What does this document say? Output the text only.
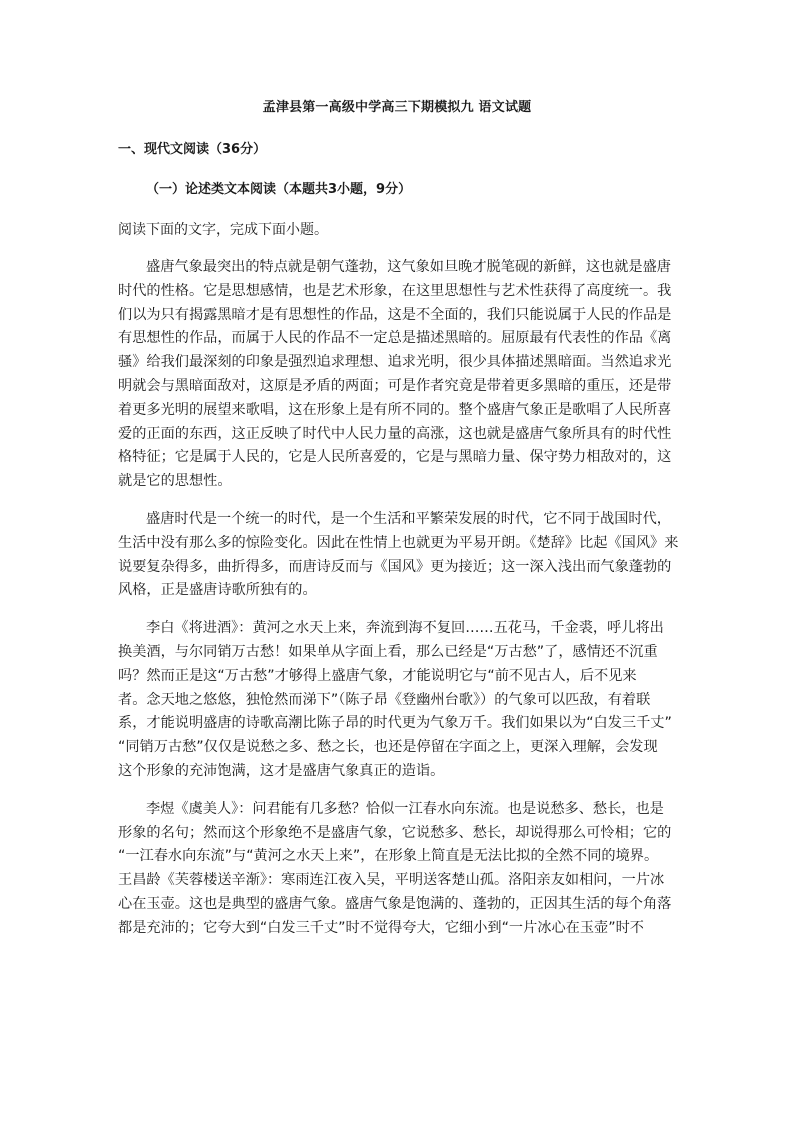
孟津县第一高级中学高三下期模拟九 语文试题
一、现代文阅读（36分）
（一）论述类文本阅读（本题共3小题，9分）

阅读下面的文字，完成下面小题。

盛唐气象最突出的特点就是朝气蓬勃，这气象如旦晚才脱笔砚的新鲜，这也就是盛唐
时代的性格。它是思想感情，也是艺术形象，在这里思想性与艺术性获得了高度统一。我
们以为只有揭露黑暗才是有思想性的作品，这是不全面的，我们只能说属于人民的作品是
有思想性的作品，而属于人民的作品不一定总是描述黑暗的。屈原最有代表性的作品《离
骚》给我们最深刻的印象是强烈追求理想、追求光明，很少具体描述黑暗面。当然追求光
明就会与黑暗面敌对，这原是矛盾的两面；可是作者究竟是带着更多黑暗的重压，还是带
着更多光明的展望来歌唱，这在形象上是有所不同的。整个盛唐气象正是歌唱了人民所喜
爱的正面的东西，这正反映了时代中人民力量的高涨，这也就是盛唐气象所具有的时代性
格特征；它是属于人民的，它是人民所喜爱的，它是与黑暗力量、保守势力相敌对的，这
就是它的思想性。
盛唐时代是一个统一的时代，是一个生活和平繁荣发展的时代，它不同于战国时代，
生活中没有那么多的惊险变化。因此在性情上也就更为平易开朗。《楚辞》比起《国风》来
说要复杂得多，曲折得多，而唐诗反而与《国风》更为接近；这一深入浅出而气象蓬勃的
风格，正是盛唐诗歌所独有的。
李白《将进酒》：黄河之水天上来，奔流到海不复回……五花马，千金裘，呼儿将出
换美酒，与尔同销万古愁！如果单从字面上看，那么已经是“万古愁”了，感情还不沉重
吗？然而正是这“万古愁”才够得上盛唐气象，才能说明它与“前不见古人，后不见来
者。念天地之悠悠，独怆然而涕下”（陈子昂《登幽州台歌》）的气象可以匹敌，有着联
系，才能说明盛唐的诗歌高潮比陈子昂的时代更为气象万千。我们如果以为“白发三千丈”
“同销万古愁”仅仅是说愁之多、愁之长，也还是停留在字面之上，更深入理解，会发现
这个形象的充沛饱满，这才是盛唐气象真正的造诣。
李煜《虞美人》：问君能有几多愁？恰似一江春水向东流。也是说愁多、愁长，也是
形象的名句；然而这个形象绝不是盛唐气象，它说愁多、愁长，却说得那么可怜相；它的
“一江春水向东流”与“黄河之水天上来”，在形象上简直是无法比拟的全然不同的境界。
王昌龄《芙蓉楼送辛渐》：寒雨连江夜入吴，平明送客楚山孤。洛阳亲友如相问，一片冰
心在玉壶。这也是典型的盛唐气象。盛唐气象是饱满的、蓬勃的，正因其生活的每个角落
都是充沛的；它夸大到“白发三千丈”时不觉得夸大，它细小到“一片冰心在玉壶”时不
